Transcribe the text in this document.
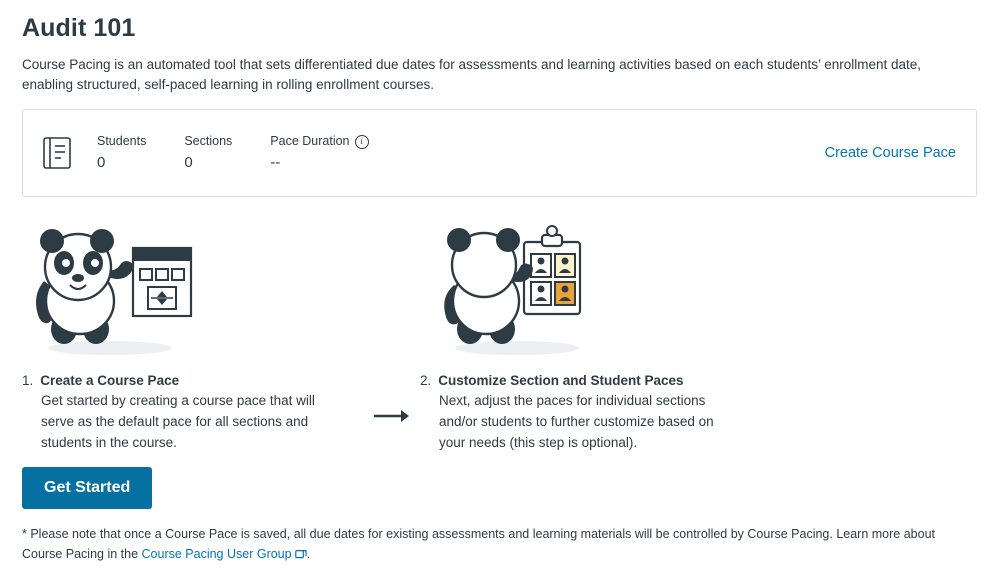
Audit 101

Course Pacing is an automated tool that sets differentiated due dates for assessments and learning activities based on each students’ enrollment date, enabling structured, self-paced learning in rolling enrollment courses.

Students
0
Sections
0
Pace Duration	i
--
Create Course Pace
1. Create a Course Pace
Get started by creating a course pace that will serve as the default pace for all sections and students in the course.
2. Customize Section and Student Paces
Next, adjust the paces for individual sections and/or students to further customize based on your needs (this step is optional).
Get Started

* Please note that once a Course Pace is saved, all due dates for existing assessments and learning materials will be controlled by Course Pacing. Learn more about Course Pacing in the Course Pacing User Group .
